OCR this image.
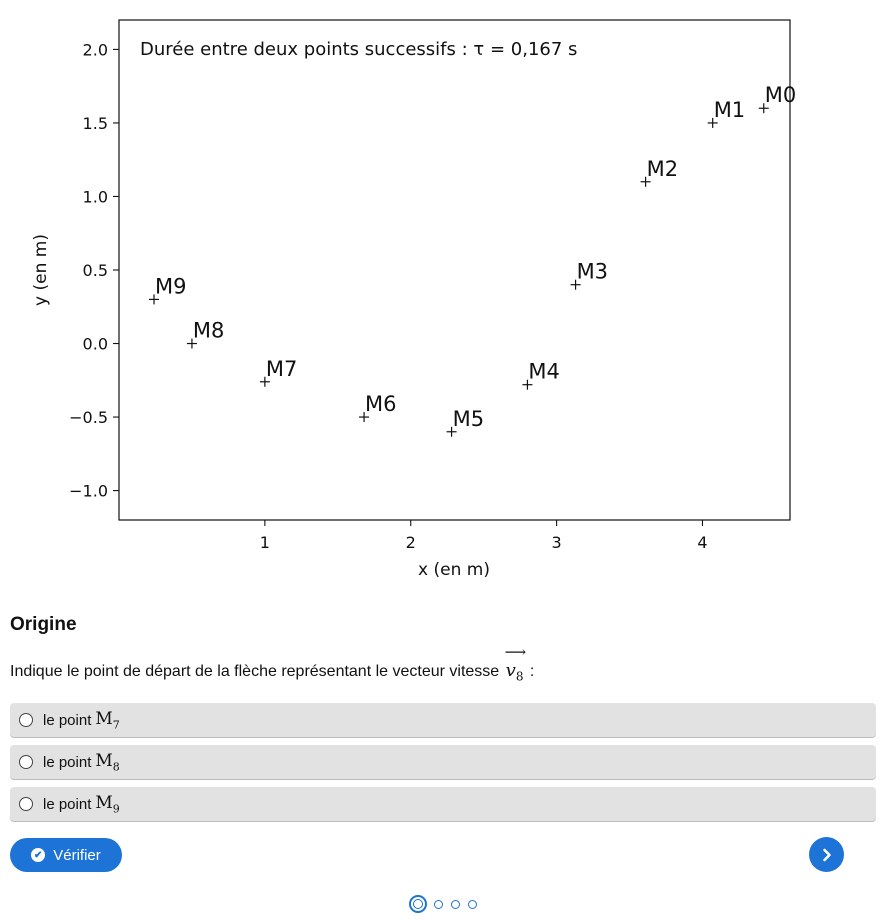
Durée entre deux points successifs : τ = 0,167 s
x (en m)
y (en m)
1	2	3	4
2.0
1.5
1.0
0.5
0.0
−0.5
−1.0
M0
M1
M2
M3
M4
M5
M6
M7
M8
M9
Origine
Indique le point de départ de la flèche représentant le vecteur vitesse
⟶
$v_8$ :
le point $M_7$
le point $M_8$
le point $M_9$
✔ Vérifier
